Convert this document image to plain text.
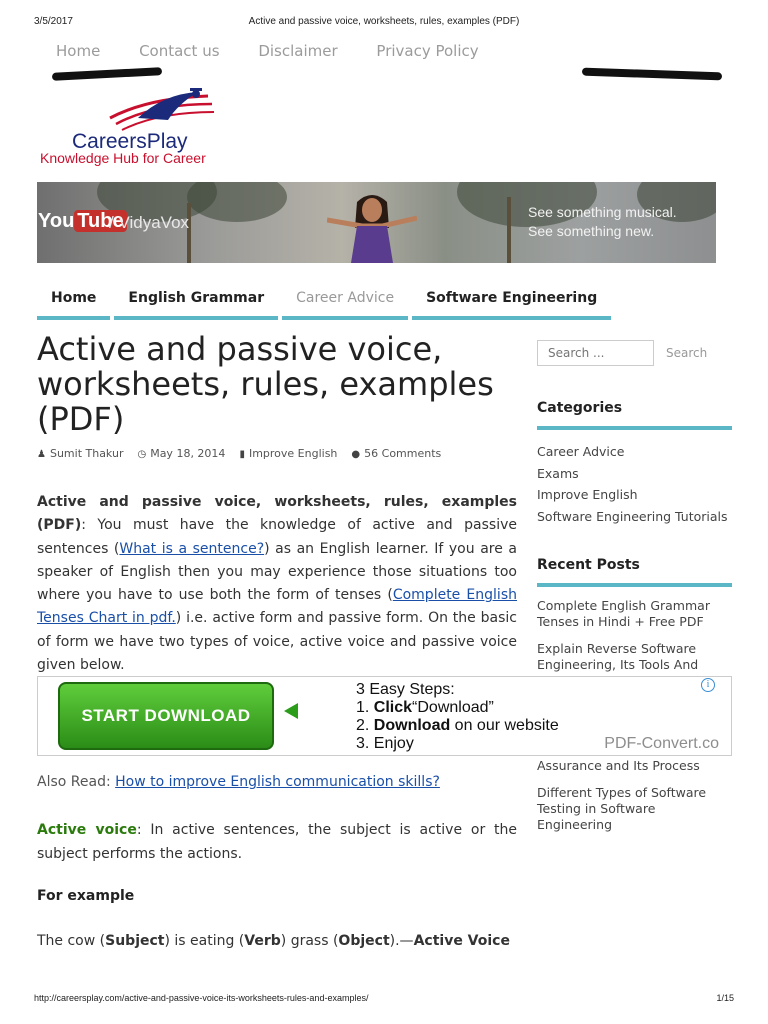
3/5/2017	Active and passive voice, worksheets, rules, examples (PDF)
Home	Contact us	Disclaimer	Privacy Policy
CareersPlay
Knowledge Hub for Career
You Tube
/ VidyaVox
See something musical.
See something new.
Home	English Grammar	Career Advice	Software Engineering
Active and passive voice, worksheets, rules, examples (PDF)
♟ Sumit Thakur ◷ May 18, 2014 ▮ Improve English ● 56 Comments
Active and passive voice, worksheets, rules, examples (PDF): You must have the knowledge of active and passive sentences (What is a sentence?) as an English learner. If you are a speaker of English then you may experience those situations too where you have to use both the form of tenses (Complete English Tenses Chart in pdf.) i.e. active form and passive form. On the basic of form we have two types of voice, active voice and passive voice given below.
START DOWNLOAD
3 Easy Steps:
1. Click“Download”
2. Download on our website
3. Enjoy	PDF-Convert.co
i
Also Read: How to improve English communication skills?
Active voice: In active sentences, the subject is active or the subject performs the actions.
For example
The cow (Subject) is eating (Verb) grass (Object).—Active Voice
Search ...
Search
Categories
Career Advice
Exams
Improve English
Software Engineering Tutorials
Recent Posts
Complete English Grammar Tenses in Hindi + Free PDF
Explain Reverse Software Engineering, Its Tools And
Assurance and Its Process
Different Types of Software Testing in Software Engineering
http://careersplay.com/active-and-passive-voice-its-worksheets-rules-and-examples/	1/15
